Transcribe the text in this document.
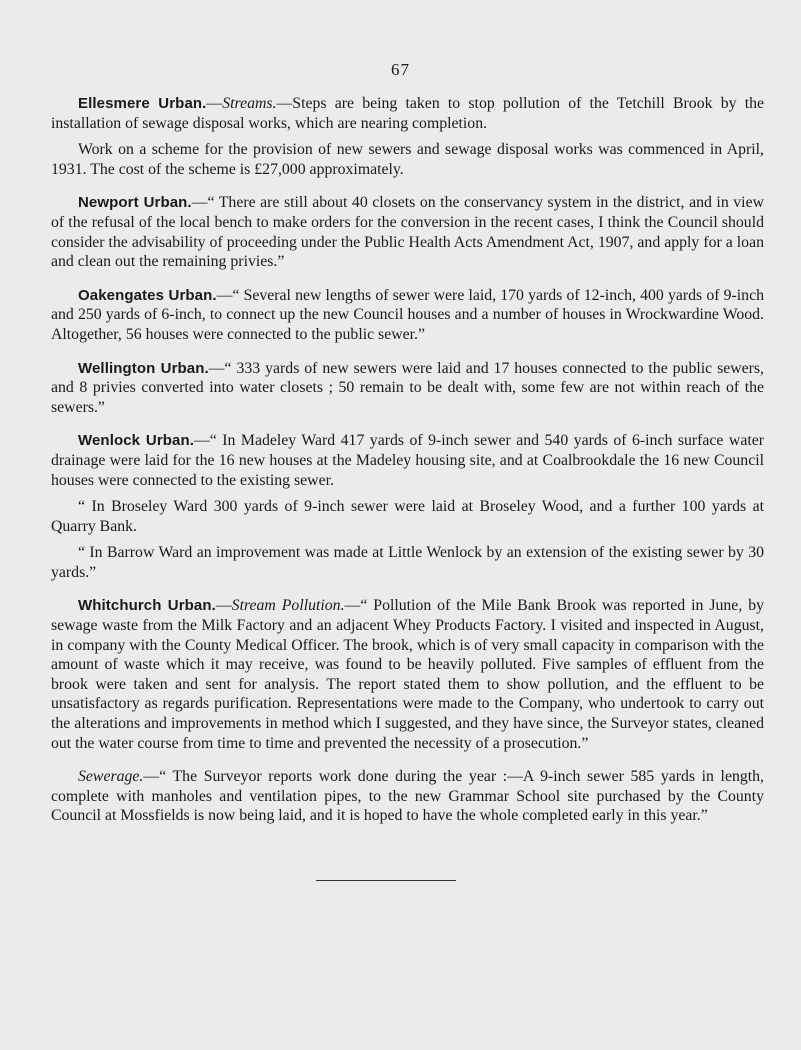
67

Ellesmere Urban.—Streams.—Steps are being taken to stop pollution of the Tetchill Brook by the installation of sewage disposal works, which are nearing completion.

Work on a scheme for the provision of new sewers and sewage disposal works was commenced in April, 1931. The cost of the scheme is £27,000 approximately.

Newport Urban.—“ There are still about 40 closets on the conservancy system in the district, and in view of the refusal of the local bench to make orders for the conversion in the recent cases, I think the Council should consider the advisability of proceeding under the Public Health Acts Amendment Act, 1907, and apply for a loan and clean out the remaining privies.”

Oakengates Urban.—“ Several new lengths of sewer were laid, 170 yards of 12-inch, 400 yards of 9-inch and 250 yards of 6-inch, to connect up the new Council houses and a number of houses in Wrockwardine Wood. Altogether, 56 houses were connected to the public sewer.”

Wellington Urban.—“ 333 yards of new sewers were laid and 17 houses connected to the public sewers, and 8 privies converted into water closets ; 50 remain to be dealt with, some few are not within reach of the sewers.”

Wenlock Urban.—“ In Madeley Ward 417 yards of 9-inch sewer and 540 yards of 6-inch surface water drainage were laid for the 16 new houses at the Madeley housing site, and at Coalbrookdale the 16 new Council houses were connected to the existing sewer.

“ In Broseley Ward 300 yards of 9-inch sewer were laid at Broseley Wood, and a further 100 yards at Quarry Bank.

“ In Barrow Ward an improvement was made at Little Wenlock by an extension of the existing sewer by 30 yards.”

Whitchurch Urban.—Stream Pollution.—“ Pollution of the Mile Bank Brook was reported in June, by sewage waste from the Milk Factory and an adjacent Whey Products Factory. I visited and inspected in August, in company with the County Medical Officer. The brook, which is of very small capacity in comparison with the amount of waste which it may receive, was found to be heavily polluted. Five samples of effluent from the brook were taken and sent for analysis. The report stated them to show pollution, and the effluent to be unsatisfactory as regards purification. Representations were made to the Company, who undertook to carry out the alterations and improvements in method which I suggested, and they have since, the Surveyor states, cleaned out the water course from time to time and prevented the necessity of a prosecution.”

Sewerage.—“ The Surveyor reports work done during the year :—A 9-inch sewer 585 yards in length, complete with manholes and ventilation pipes, to the new Grammar School site purchased by the County Council at Mossfields is now being laid, and it is hoped to have the whole completed early in this year.”
